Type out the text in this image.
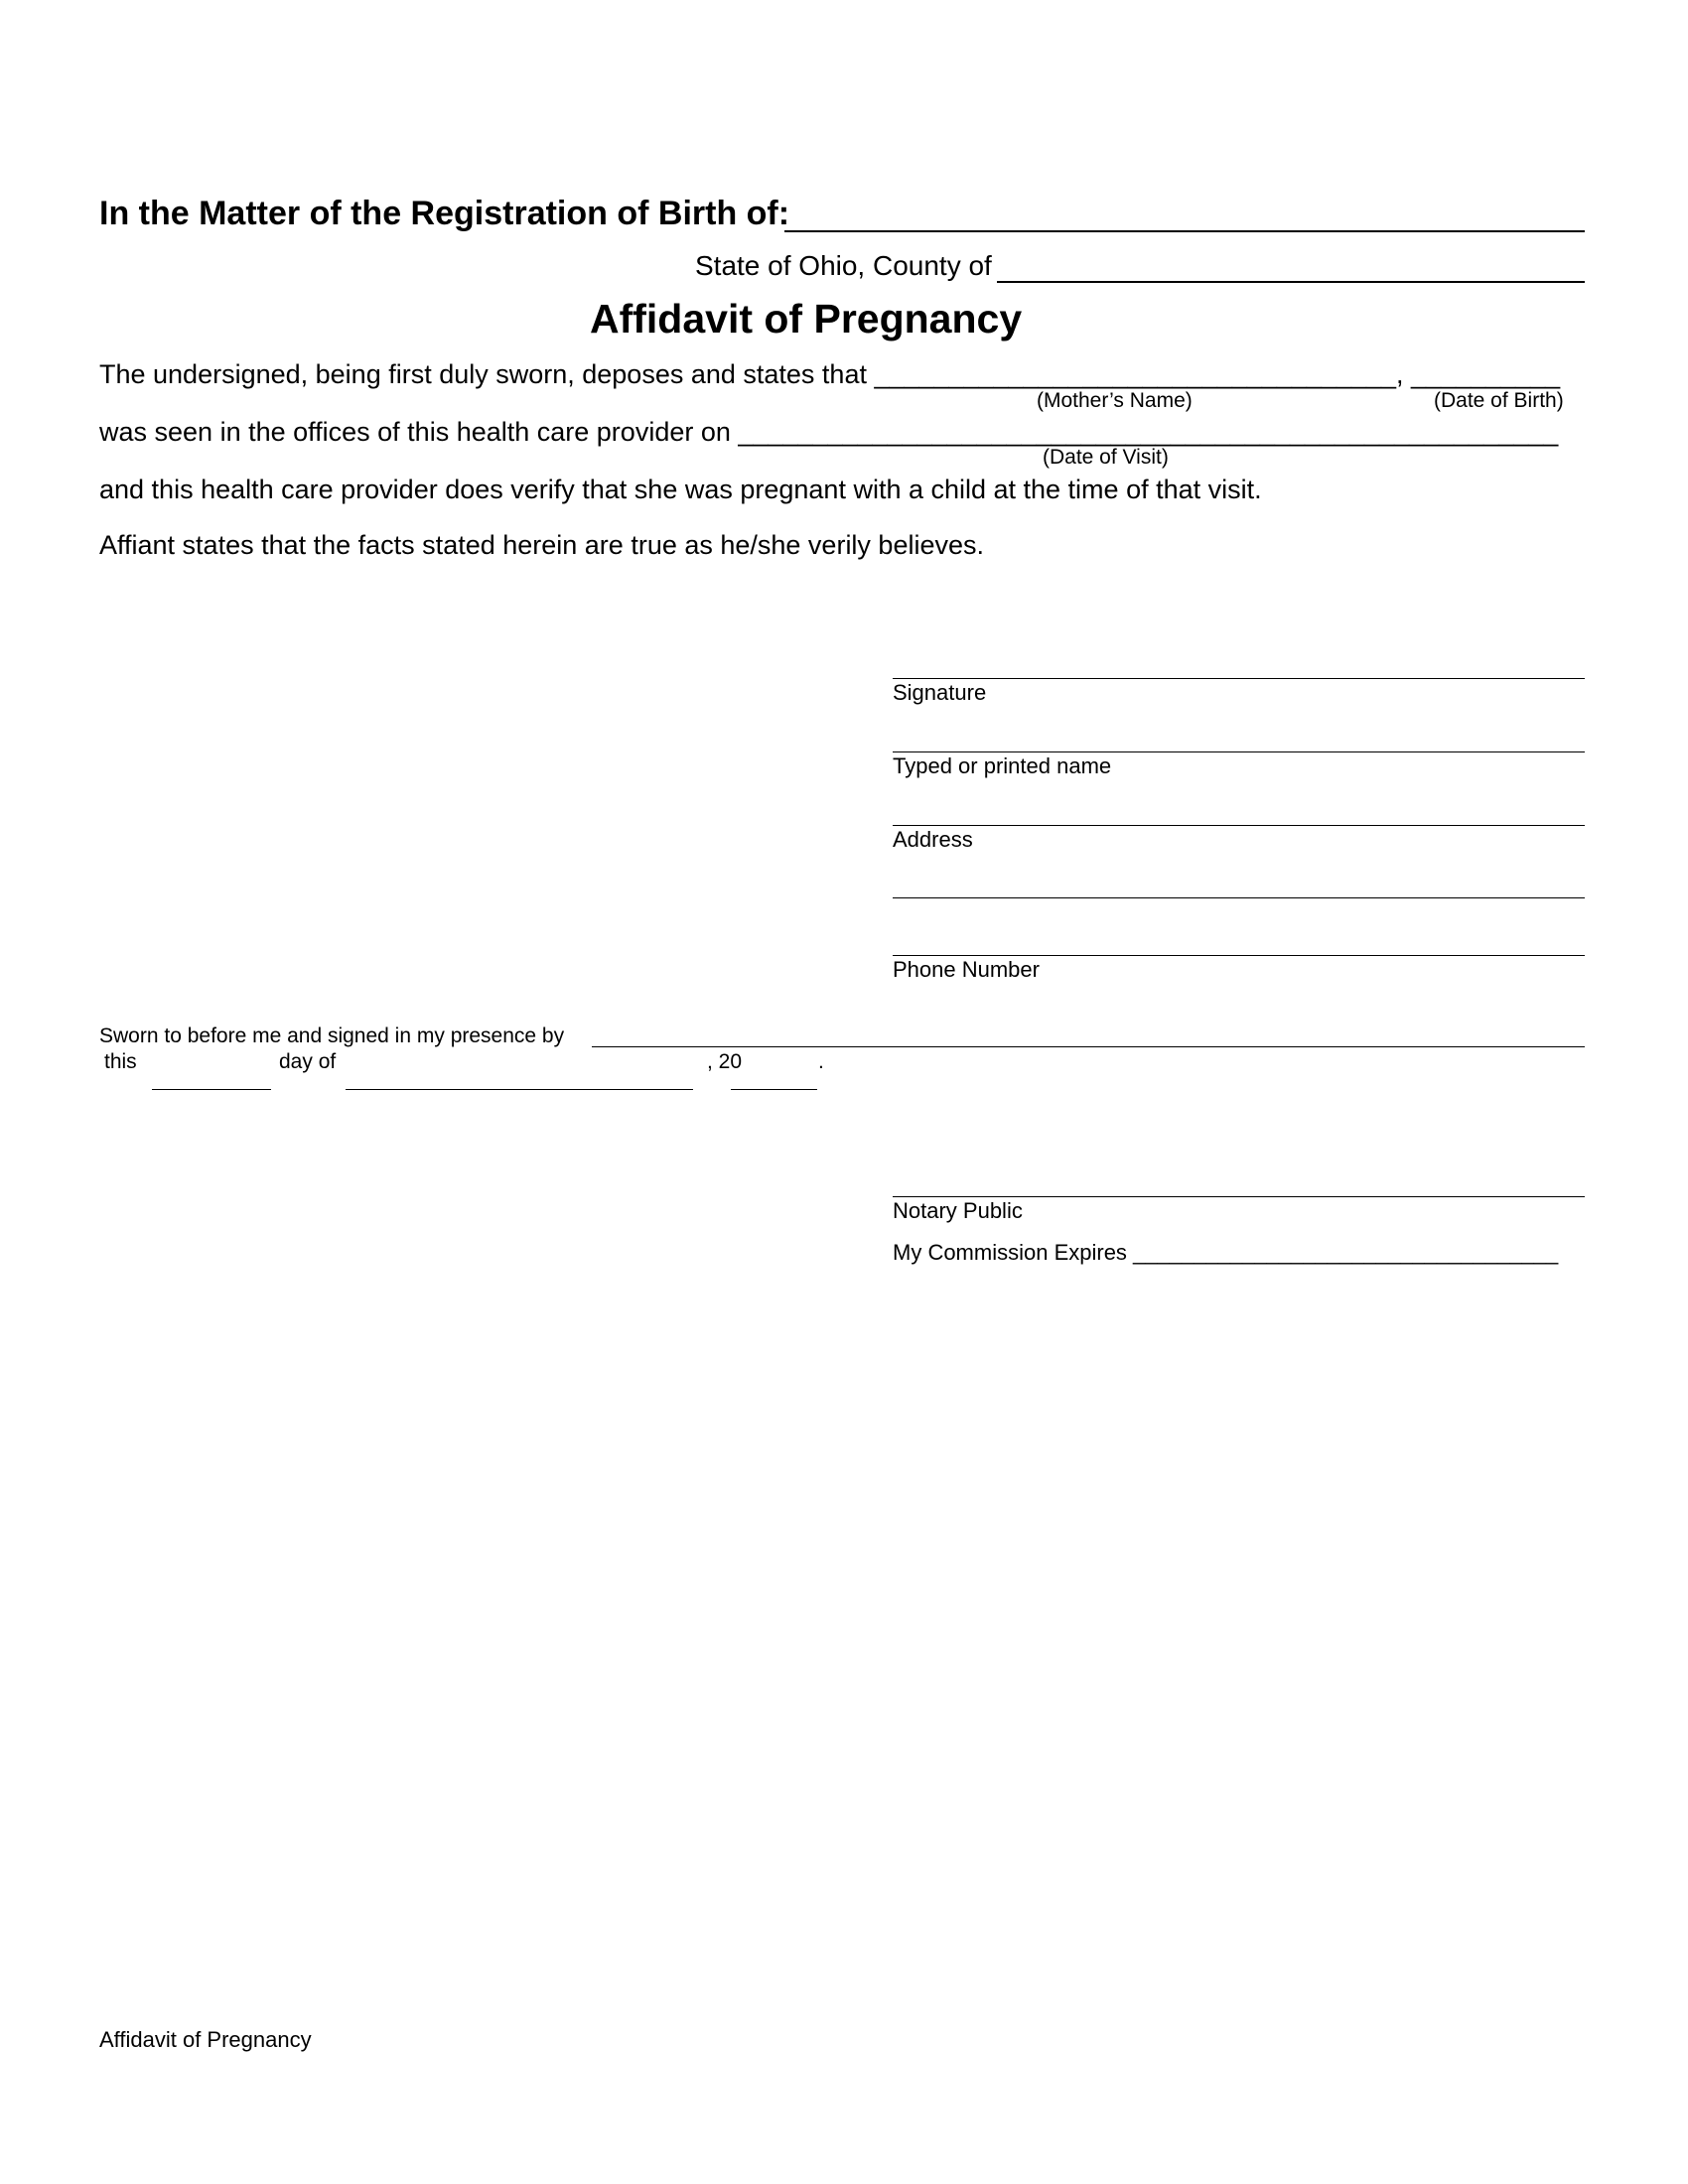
In the Matter of the Registration of Birth of:
State of Ohio, County of
Affidavit of Pregnancy
The undersigned, being first duly sworn, deposes and states that ___________________________________, __________
(Mother’s Name)	(Date of Birth)
was seen in the offices of this health care provider on _______________________________________________________
(Date of Visit)
and this health care provider does verify that she was pregnant with a child at the time of that visit.
Affiant states that the facts stated herein are true as he/she verily believes.
Signature
Typed or printed name
Address
Phone Number
Sworn to before me and signed in my presence by
this	day of	, 20	.
Notary Public
My Commission Expires ___________________________________
Affidavit of Pregnancy
